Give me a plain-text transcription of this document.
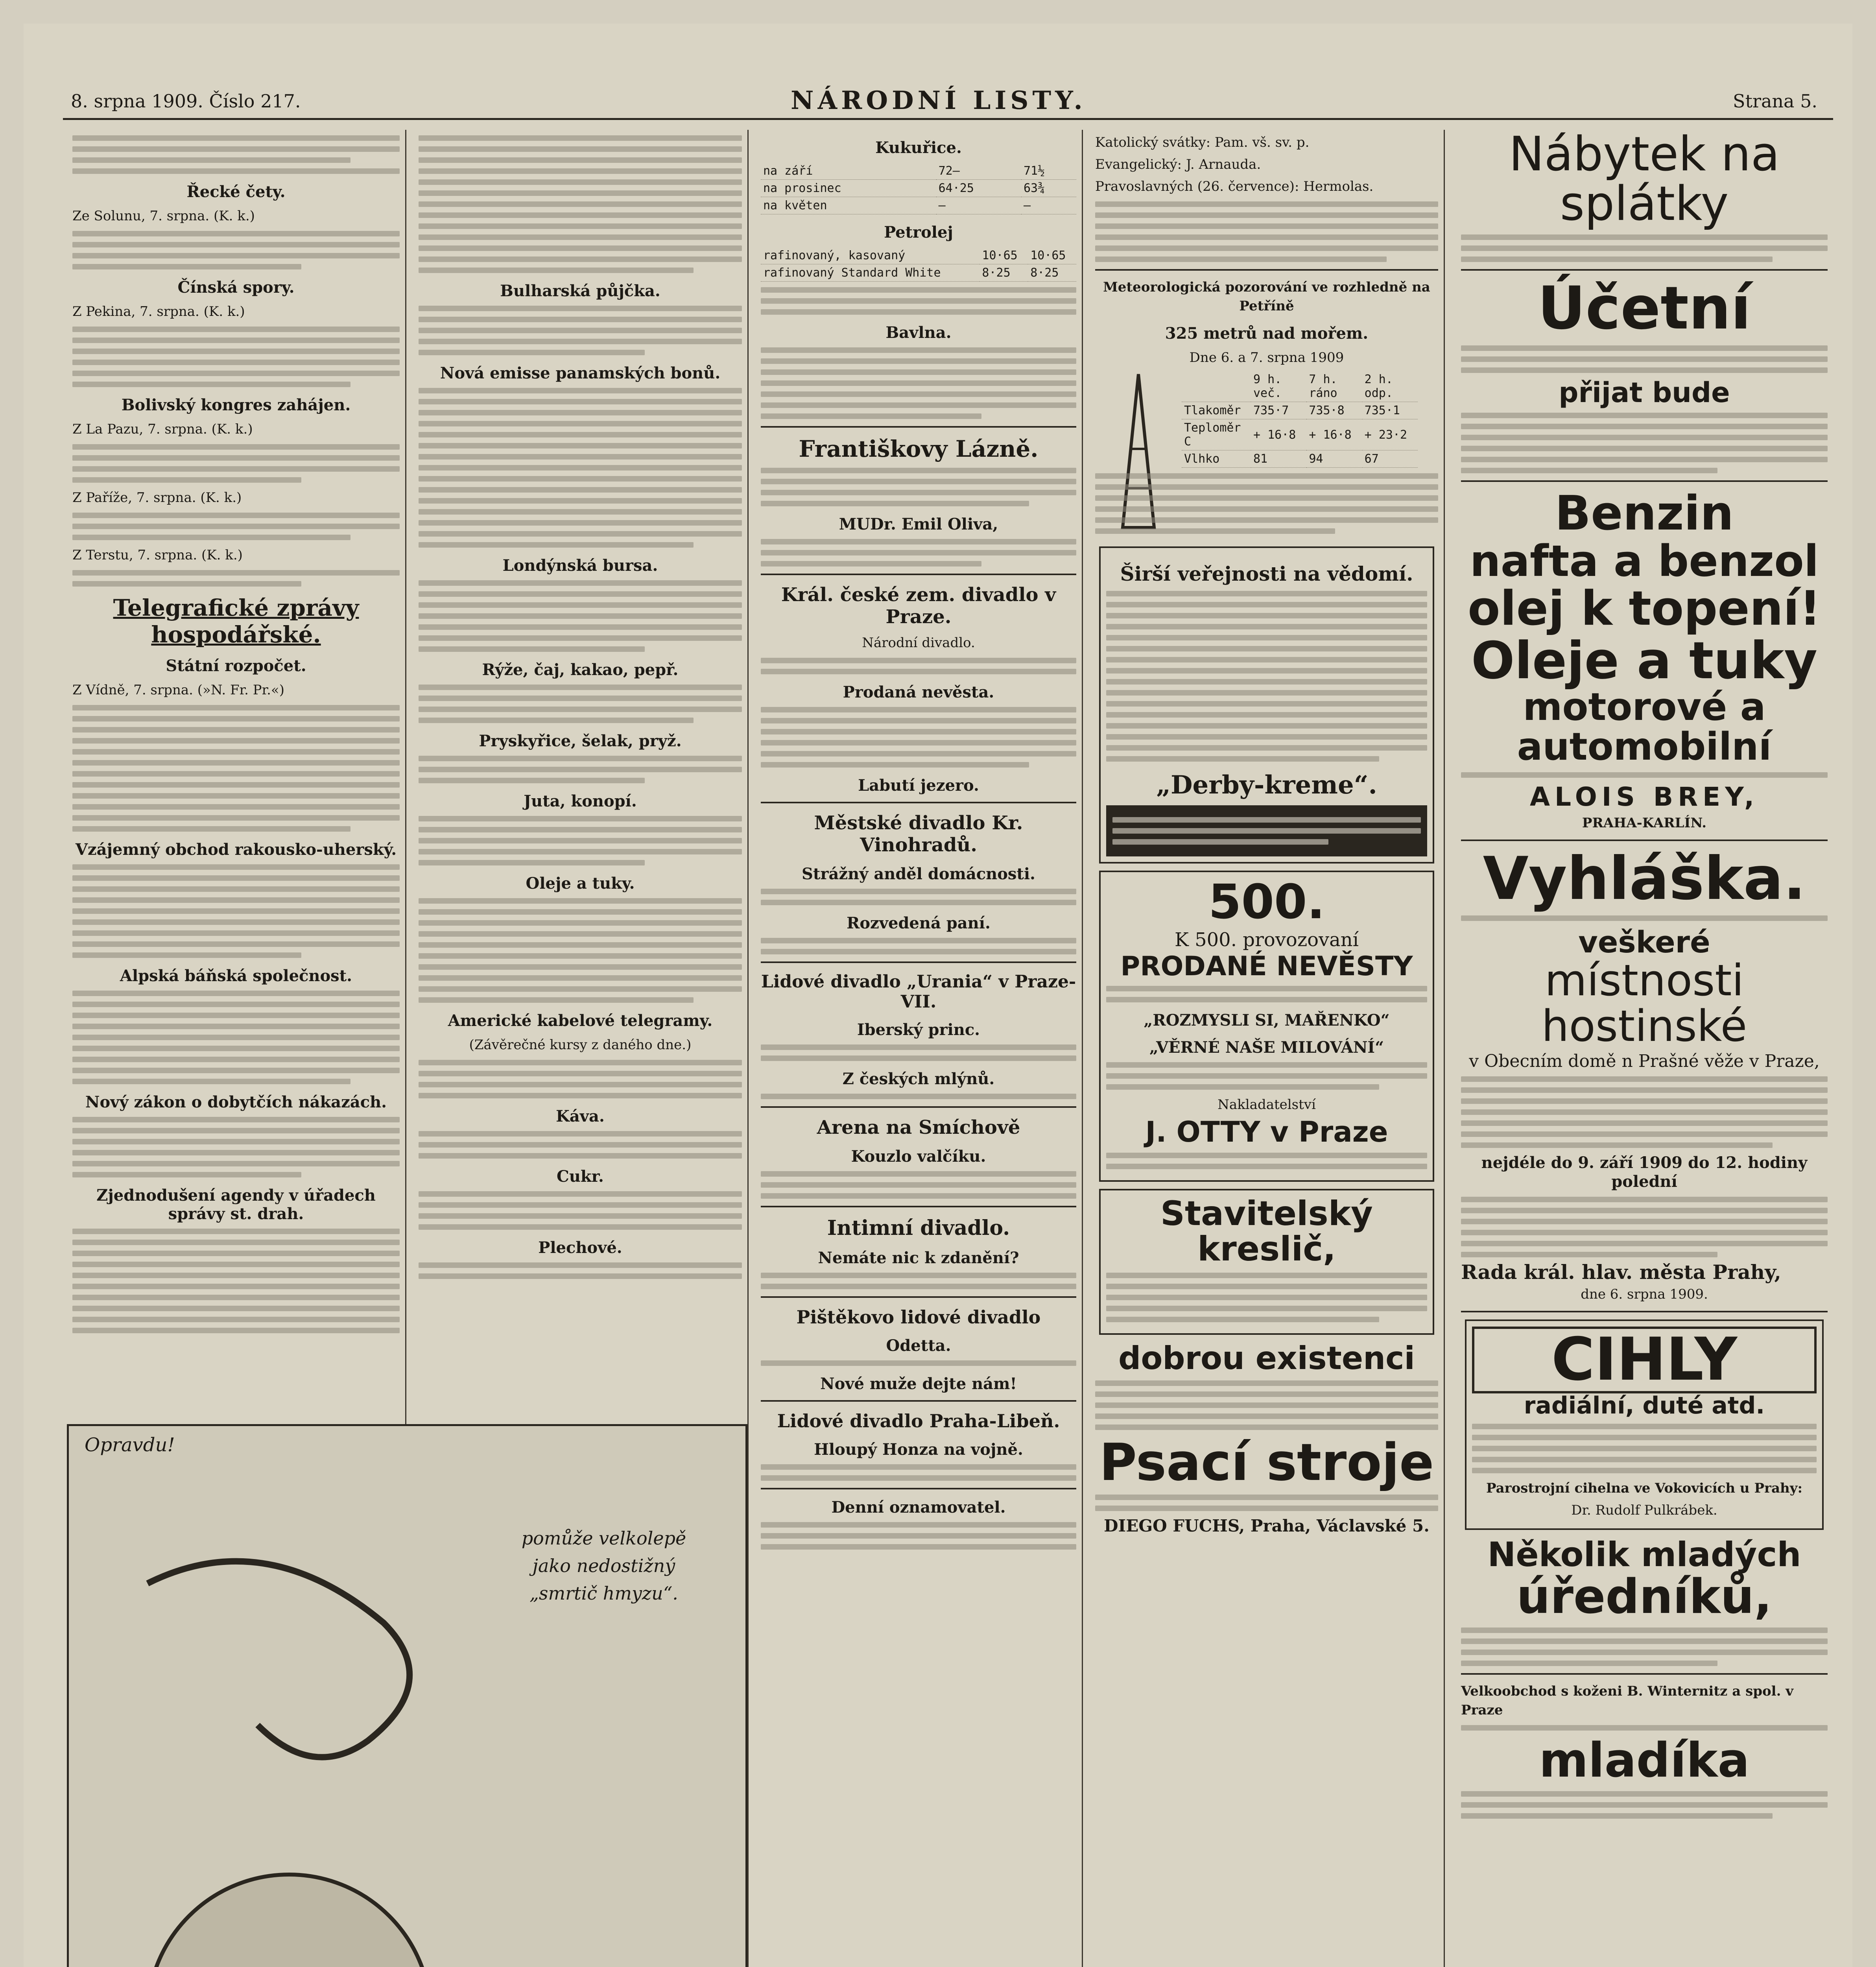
8. srpna 1909. Číslo 217.	NÁRODNÍ LISTY.	Strana 5.
Řecké čety.
Ze Solunu, 7. srpna. (K. k.)
Čínská spory.
Z Pekina, 7. srpna. (K. k.)
Bolivský kongres zahájen.
Z La Pazu, 7. srpna. (K. k.)
Z Paříže, 7. srpna. (K. k.)
Z Terstu, 7. srpna. (K. k.)
Telegrafické zprávy hospodářské.
Státní rozpočet.
Z Vídně, 7. srpna. (»N. Fr. Pr.«)
Vzájemný obchod rakousko-uherský.
Alpská báňská společnost.
Nový zákon o dobytčích nákazách.
Zjednodušení agendy v úřadech správy st. drah.
Bulharská půjčka.
Nová emisse panamských bonů.
Londýnská bursa.
Rýže, čaj, kakao, pepř.
Pryskyřice, šelak, pryž.
Juta, konopí.
Oleje a tuky.
Americké kabelové telegramy.
(Závěrečné kursy z daného dne.)
Káva.
Cukr.
Plechové.
Opravdu!
pomůže velkolepě jako nedostižný „smrtič hmyzu“.
Kukuřice.
na září	72—	71½
na prosinec	64·25	63¾
na květen	—	—
Petrolej
rafinovaný, kasovaný	10·65	10·65
rafinovaný Standard White	8·25	8·25
Bavlna.
Františkovy Lázně.
MUDr. Emil Oliva,
Král. české zem. divadlo v Praze.
Národní divadlo.
Prodaná nevěsta.
Labutí jezero.
Městské divadlo Kr. Vinohradů.
Strážný anděl domácnosti.
Rozvedená paní.
Lidové divadlo „Urania“ v Praze-VII.
Iberský princ.
Z českých mlýnů.
Arena na Smíchově
Kouzlo valčíku.
Intimní divadlo.
Nemáte nic k zdanění?
Pištěkovo lidové divadlo
Odetta.
Nové muže dejte nám!
Lidové divadlo Praha-Libeň.
Hloupý Honza na vojně.
Denní oznamovatel.
Katolický svátky: Pam. vš. sv. p.
Evangelický: J. Arnauda.
Pravoslavných (26. července): Hermolas.
Meteorologická pozorování ve rozhledně na Petříně
325 metrů nad mořem.
Dne 6. a 7. srpna 1909
	9 h. več.	7 h. ráno	2 h. odp.
Tlakoměr	735·7	735·8	735·1
Teploměr C	+ 16·8	+ 16·8	+ 23·2
Vlhko	81	94	67
Širší veřejnosti na vědomí.
„Derby-kreme“.
500.
K 500. provozovaní
PRODANÉ NEVĚSTY
„ROZMYSLI SI, MAŘENKO“
„VĚRNÉ NAŠE MILOVÁNÍ“
Nakladatelství
J. OTTY v Praze
Stavitelský kreslič,
dobrou existenci
Psací stroje
DIEGO FUCHS, Praha, Václavské 5.
Nábytek na splátky
Účetní
přijat bude
Benzin
nafta a benzol
olej k topení!
Oleje a tuky
motorové a automobilní
ALOIS BREY,
PRAHA-KARLÍN.
Vyhláška.
veškeré
místnosti hostinské
v Obecním domě n Prašné věže v Praze,
nejdéle do 9. září 1909 do 12. hodiny polední
Rada král. hlav. města Prahy,
dne 6. srpna 1909.
CIHLY
radiální, duté atd.
Parostrojní cihelna ve Vokovicích u Prahy:
Dr. Rudolf Pulkrábek.
Několik mladých
úředníků,
Velkoobchod s koženi B. Winternitz a spol. v Praze
mladíka
